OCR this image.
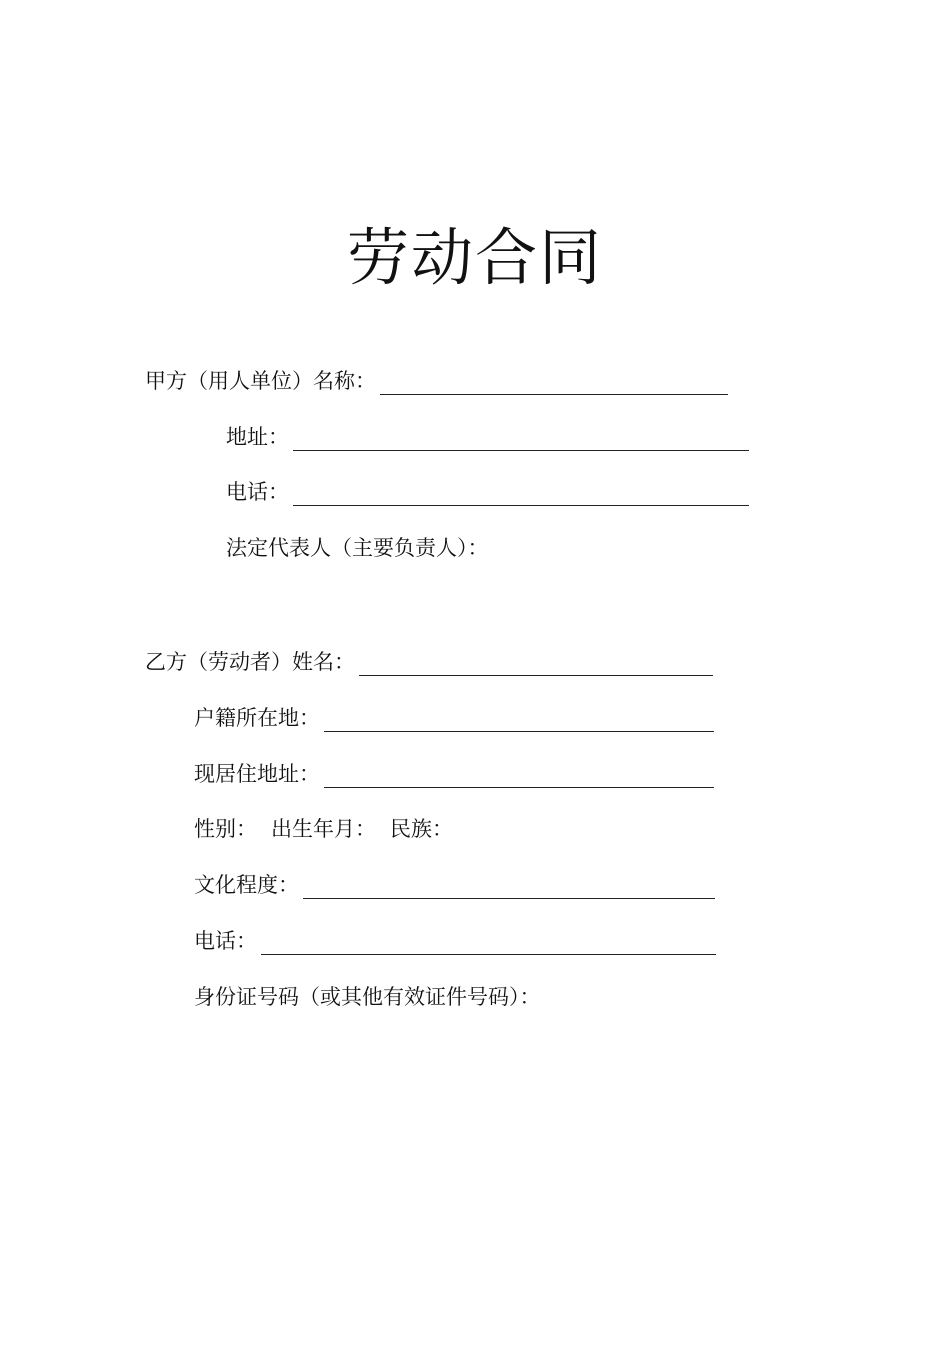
劳动合同
甲方（用人单位）名称：
地址：
电话：
法定代表人（主要负责人）：
乙方（劳动者）姓名：
户籍所在地：
现居住地址：
性别： 出生年月： 民族：
文化程度：
电话：
身份证号码（或其他有效证件号码）：
